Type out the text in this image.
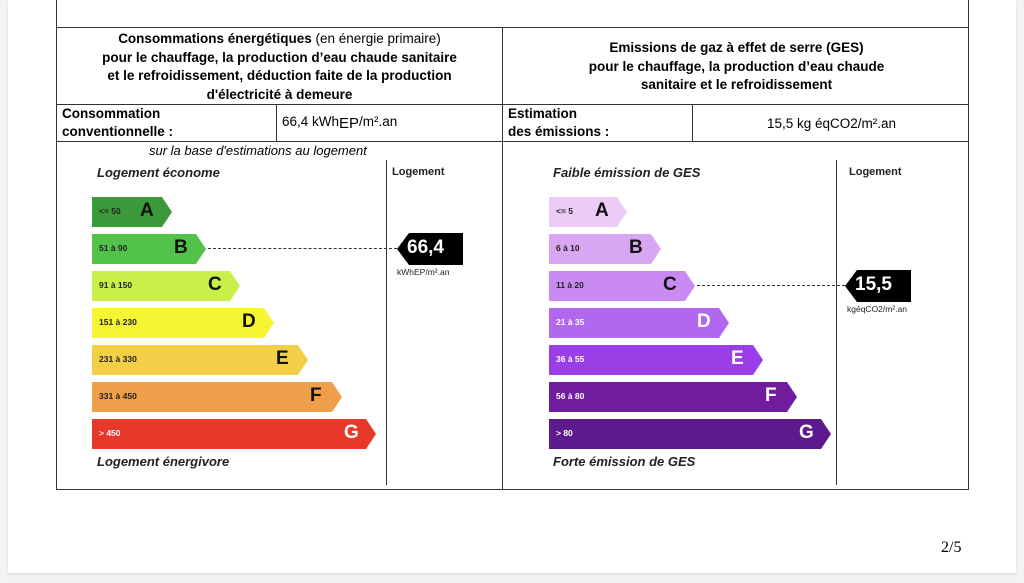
Consommations énergétiques (en énergie primaire)
pour le chauffage, la production d’eau chaude sanitaire
et le refroidissement, déduction faite de la production
d'électricité à demeure
Emissions de gaz à effet de serre (GES)
pour le chauffage, la production d’eau chaude
sanitaire et le refroidissement
Consommation
conventionnelle :
66,4 kWhEP/m².an
Estimation
des émissions :
15,5 kg éqCO2/m².an
sur la base d'estimations au logement
Logement économe	Logement
Logement énergivore
<= 50 A
51 à 90 B
91 à 150	C
151 à 230	D
231 à 330	E
331 à 450	F
> 450	G
66,4
kWhEP/m².an
Faible émission de GES	Logement
Forte émission de GES
<= 5 A
6 à 10	B
11 à 20	C
21 à 35	D
36 à 55	E
56 à 80	F
> 80	G
15,5
kgéqCO2/m².an
2/5
